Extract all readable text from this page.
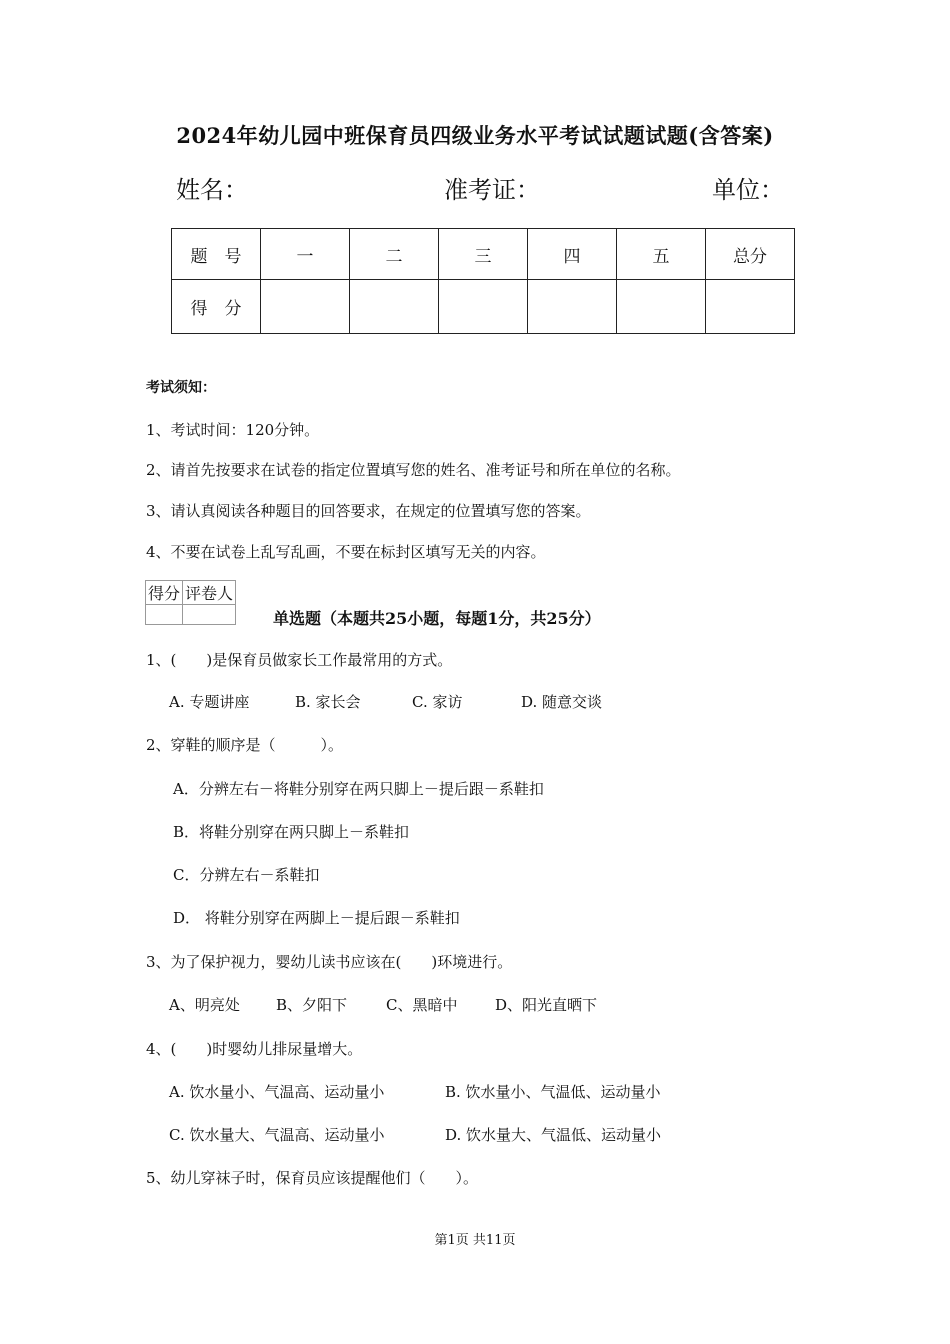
2024年幼儿园中班保育员四级业务水平考试试题试题(含答案)
姓名：	准考证：	单位：
题　号	一	二	三	四	五	总分
得　分						
考试须知：
1、考试时间：120分钟。
2、请首先按要求在试卷的指定位置填写您的姓名、准考证号和所在单位的名称。
3、请认真阅读各种题目的回答要求，在规定的位置填写您的答案。
4、不要在试卷上乱写乱画，不要在标封区填写无关的内容。
得分	评卷人

单选题（本题共25小题，每题1分，共25分）
1、(　　)是保育员做家长工作最常用的方式。
A. 专题讲座	B. 家长会	C. 家访	D. 随意交谈
2、穿鞋的顺序是（　　　）。
A．分辨左右－将鞋分别穿在两只脚上－提后跟－系鞋扣
B．将鞋分别穿在两只脚上－系鞋扣
C．分辨左右－系鞋扣
D． 将鞋分别穿在两脚上－提后跟－系鞋扣
3、为了保护视力，婴幼儿读书应该在(　　)环境进行。
A、明亮处 B、夕阳下	C、黑暗中	D、阳光直晒下
4、(　　)时婴幼儿排尿量增大。
A. 饮水量小、气温高、运动量小	B. 饮水量小、气温低、运动量小
C. 饮水量大、气温高、运动量小	D. 饮水量大、气温低、运动量小
5、幼儿穿袜子时，保育员应该提醒他们（　　）。
第1页 共11页
